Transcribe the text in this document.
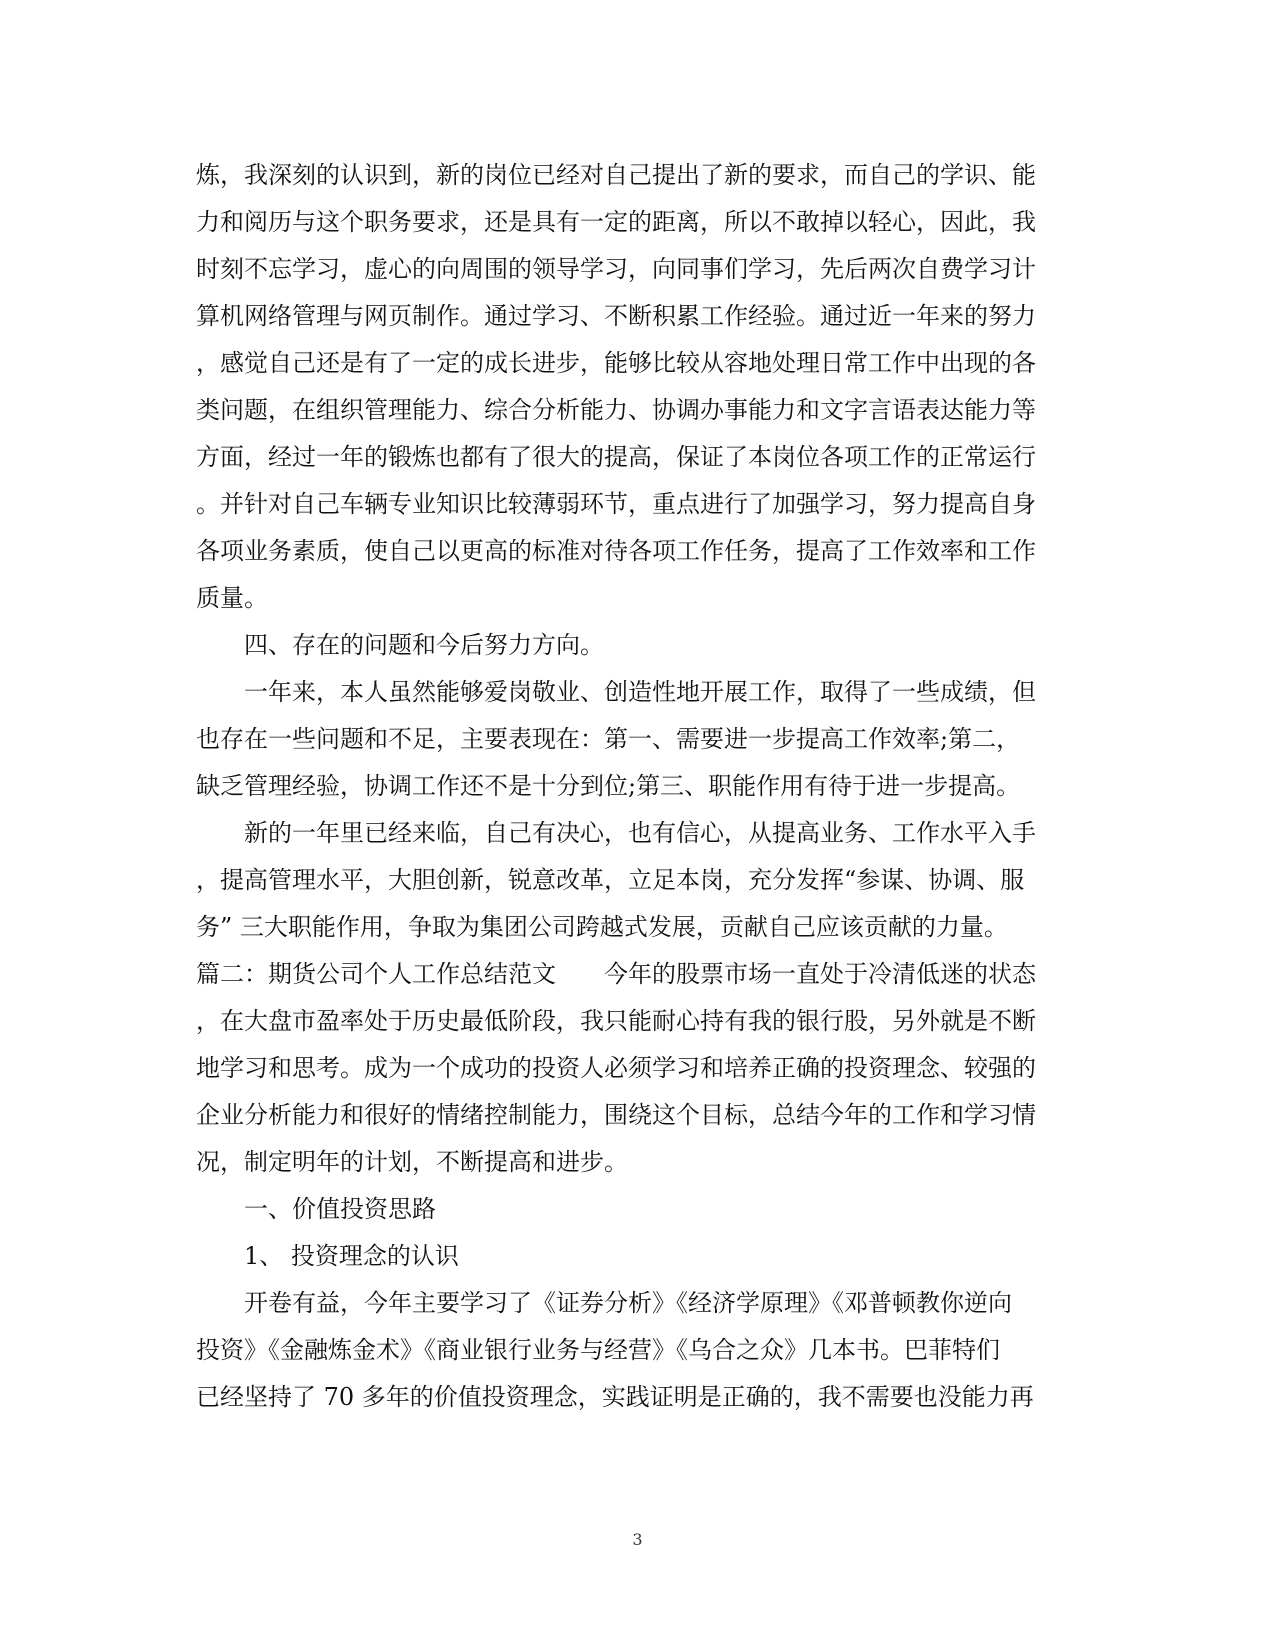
炼，我深刻的认识到，新的岗位已经对自己提出了新的要求，而自己的学识、能

力和阅历与这个职务要求，还是具有一定的距离，所以不敢掉以轻心，因此，我

时刻不忘学习，虚心的向周围的领导学习，向同事们学习，先后两次自费学习计

算机网络管理与网页制作。通过学习、不断积累工作经验。通过近一年来的努力

，感觉自己还是有了一定的成长进步，能够比较从容地处理日常工作中出现的各

类问题，在组织管理能力、综合分析能力、协调办事能力和文字言语表达能力等

方面，经过一年的锻炼也都有了很大的提高，保证了本岗位各项工作的正常运行

。并针对自己车辆专业知识比较薄弱环节，重点进行了加强学习，努力提高自身

各项业务素质，使自己以更高的标准对待各项工作任务，提高了工作效率和工作

质量。

四、存在的问题和今后努力方向。

一年来，本人虽然能够爱岗敬业、创造性地开展工作，取得了一些成绩，但

也存在一些问题和不足，主要表现在：第一、需要进一步提高工作效率;第二，

缺乏管理经验，协调工作还不是十分到位;第三、职能作用有待于进一步提高。

新的一年里已经来临，自己有决心，也有信心，从提高业务、工作水平入手

，提高管理水平，大胆创新，锐意改革，立足本岗，充分发挥“参谋、协调、服

务” 三大职能作用，争取为集团公司跨越式发展，贡献自己应该贡献的力量。

篇二：期货公司个人工作总结范文　　今年的股票市场一直处于冷清低迷的状态

，在大盘市盈率处于历史最低阶段，我只能耐心持有我的银行股，另外就是不断

地学习和思考。成为一个成功的投资人必须学习和培养正确的投资理念、较强的

企业分析能力和很好的情绪控制能力，围绕这个目标，总结今年的工作和学习情

况，制定明年的计划，不断提高和进步。

一、价值投资思路

1、 投资理念的认识

开卷有益，今年主要学习了《证券分析》《经济学原理》《邓普顿教你逆向

投资》《金融炼金术》《商业银行业务与经营》《乌合之众》几本书。巴菲特们

已经坚持了 70 多年的价值投资理念，实践证明是正确的，我不需要也没能力再

3
